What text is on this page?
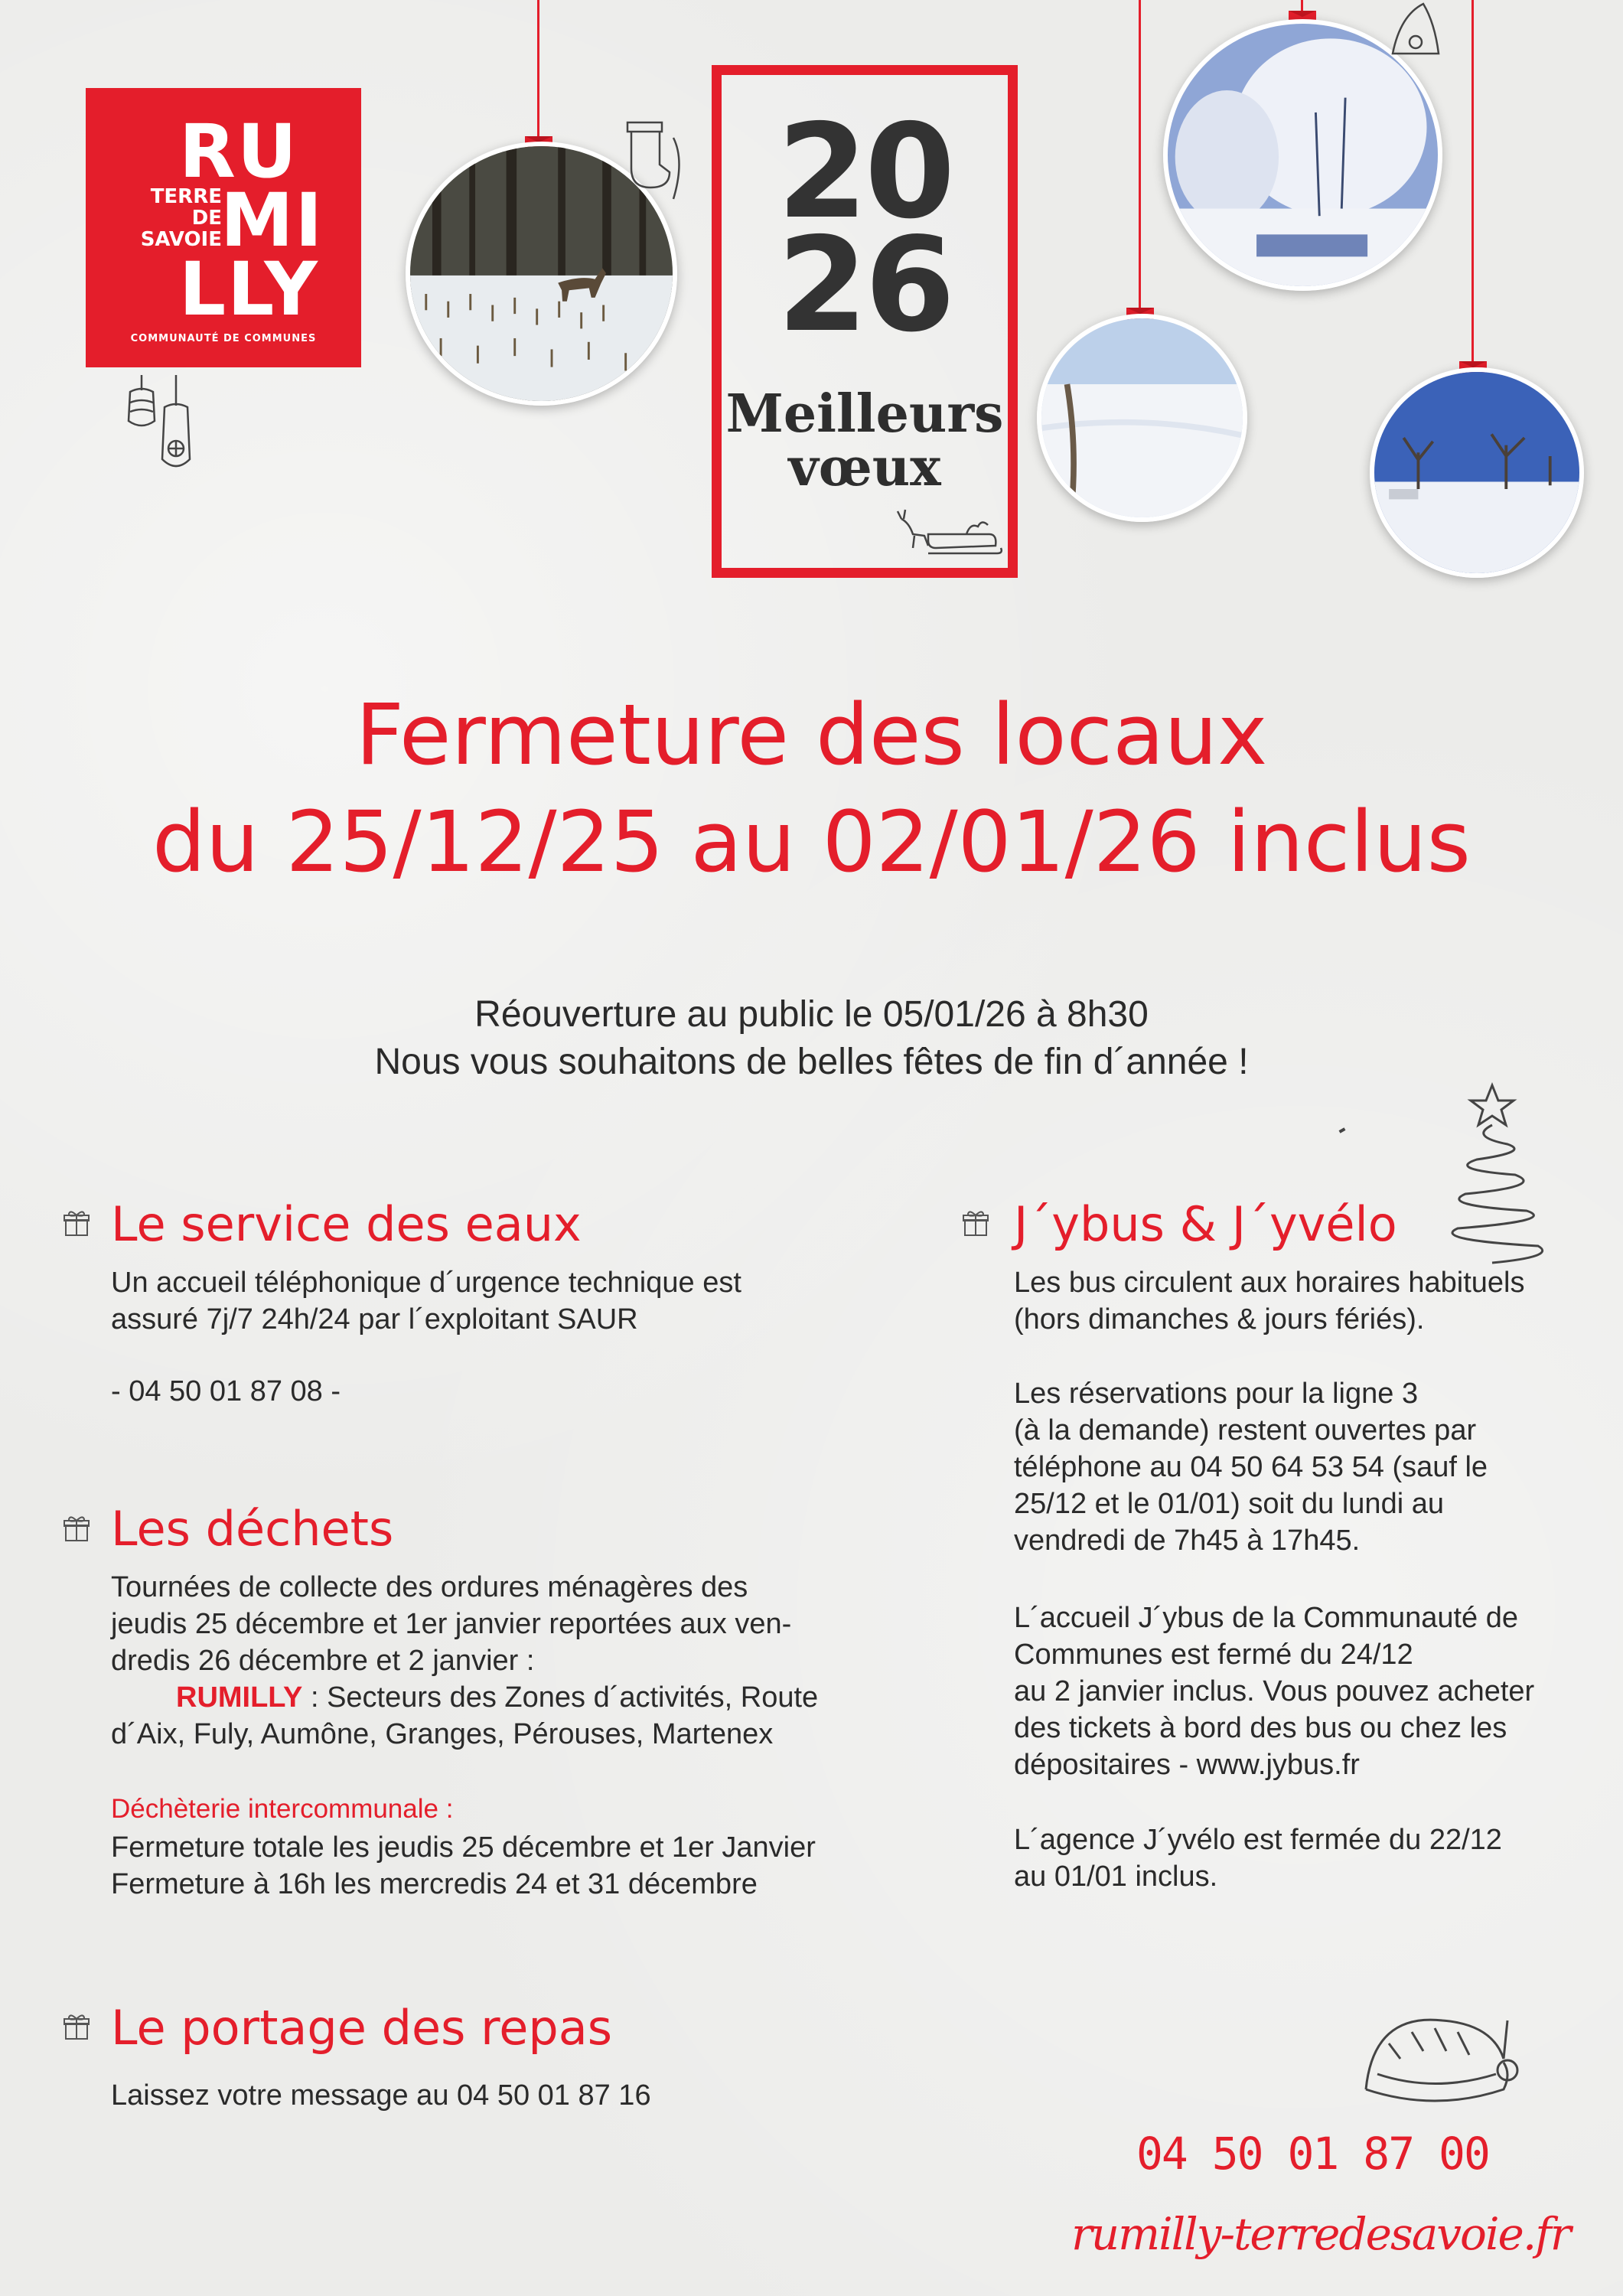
RU
TERRE
DE
SAVOIE
MI
LLY
COMMUNAUTÉ DE COMMUNES
20
26
Meilleurs
vœux
Fermeture des locaux
du 25/12/25 au 02/01/26 inclus
Réouverture au public le 05/01/26 à 8h30
Nous vous souhaitons de belles fêtes de fin d´année !
Le service des eaux
Un accueil téléphonique d´urgence technique est
assuré 7j/7 24h/24 par l´exploitant SAUR
- 04 50 01 87 08 -
Les déchets
Tournées de collecte des ordures ménagères des
jeudis 25 décembre et 1er janvier reportées aux ven-
dredis 26 décembre et 2 janvier :
RUMILLY : Secteurs des Zones d´activités, Route
d´Aix, Fuly, Aumône, Granges, Pérouses, Martenex
Déchèterie intercommunale :
Fermeture totale les jeudis 25 décembre et 1er Janvier
Fermeture à 16h les mercredis 24 et 31 décembre
Le portage des repas
Laissez votre message au 04 50 01 87 16
J´ybus & J´yvélo
Les bus circulent aux horaires habituels
(hors dimanches & jours fériés).
Les réservations pour la ligne 3
(à la demande) restent ouvertes par
téléphone au 04 50 64 53 54 (sauf le
25/12 et le 01/01) soit du lundi au
vendredi de 7h45 à 17h45.
L´accueil J´ybus de la Communauté de
Communes est fermé du 24/12
au 2 janvier inclus. Vous pouvez acheter
des tickets à bord des bus ou chez les
dépositaires - www.jybus.fr
L´agence J´yvélo est fermée du 22/12
au 01/01 inclus.
04 50 01 87 00
rumilly-terredesavoie.fr
